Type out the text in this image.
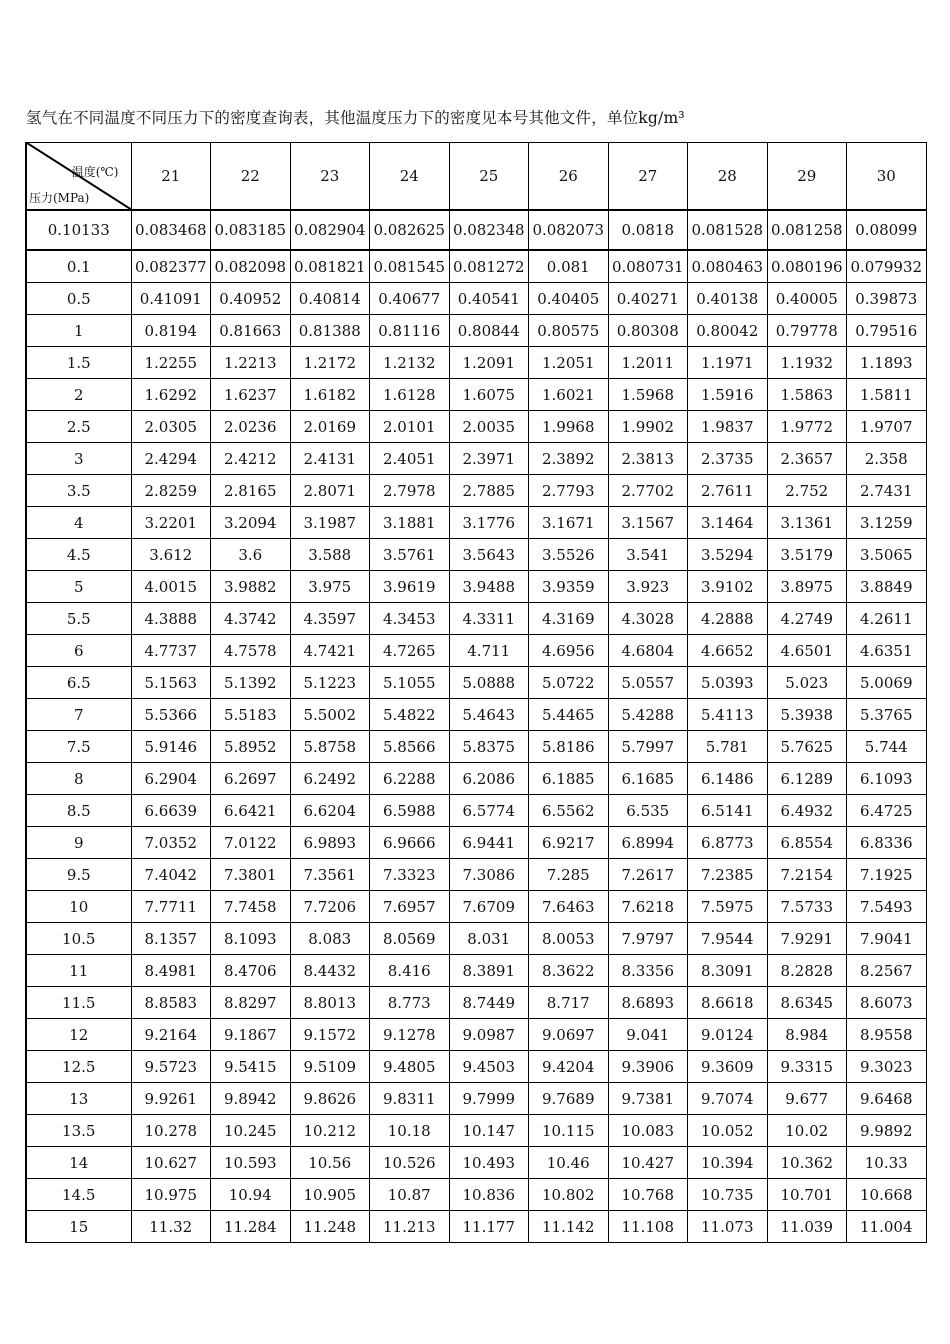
氢气在不同温度不同压力下的密度查询表，其他温度压力下的密度见本号其他文件，单位kg/m³
温度(℃)
压力(MPa)	21	22	23	24	25	26	27	28	29	30
0.10133	0.083468	0.083185	0.082904	0.082625	0.082348	0.082073	0.0818	0.081528	0.081258	0.08099
0.1	0.082377	0.082098	0.081821	0.081545	0.081272	0.081	0.080731	0.080463	0.080196	0.079932
0.5	0.41091	0.40952	0.40814	0.40677	0.40541	0.40405	0.40271	0.40138	0.40005	0.39873
1	0.8194	0.81663	0.81388	0.81116	0.80844	0.80575	0.80308	0.80042	0.79778	0.79516
1.5	1.2255	1.2213	1.2172	1.2132	1.2091	1.2051	1.2011	1.1971	1.1932	1.1893
2	1.6292	1.6237	1.6182	1.6128	1.6075	1.6021	1.5968	1.5916	1.5863	1.5811
2.5	2.0305	2.0236	2.0169	2.0101	2.0035	1.9968	1.9902	1.9837	1.9772	1.9707
3	2.4294	2.4212	2.4131	2.4051	2.3971	2.3892	2.3813	2.3735	2.3657	2.358
3.5	2.8259	2.8165	2.8071	2.7978	2.7885	2.7793	2.7702	2.7611	2.752	2.7431
4	3.2201	3.2094	3.1987	3.1881	3.1776	3.1671	3.1567	3.1464	3.1361	3.1259
4.5	3.612	3.6	3.588	3.5761	3.5643	3.5526	3.541	3.5294	3.5179	3.5065
5	4.0015	3.9882	3.975	3.9619	3.9488	3.9359	3.923	3.9102	3.8975	3.8849
5.5	4.3888	4.3742	4.3597	4.3453	4.3311	4.3169	4.3028	4.2888	4.2749	4.2611
6	4.7737	4.7578	4.7421	4.7265	4.711	4.6956	4.6804	4.6652	4.6501	4.6351
6.5	5.1563	5.1392	5.1223	5.1055	5.0888	5.0722	5.0557	5.0393	5.023	5.0069
7	5.5366	5.5183	5.5002	5.4822	5.4643	5.4465	5.4288	5.4113	5.3938	5.3765
7.5	5.9146	5.8952	5.8758	5.8566	5.8375	5.8186	5.7997	5.781	5.7625	5.744
8	6.2904	6.2697	6.2492	6.2288	6.2086	6.1885	6.1685	6.1486	6.1289	6.1093
8.5	6.6639	6.6421	6.6204	6.5988	6.5774	6.5562	6.535	6.5141	6.4932	6.4725
9	7.0352	7.0122	6.9893	6.9666	6.9441	6.9217	6.8994	6.8773	6.8554	6.8336
9.5	7.4042	7.3801	7.3561	7.3323	7.3086	7.285	7.2617	7.2385	7.2154	7.1925
10	7.7711	7.7458	7.7206	7.6957	7.6709	7.6463	7.6218	7.5975	7.5733	7.5493
10.5	8.1357	8.1093	8.083	8.0569	8.031	8.0053	7.9797	7.9544	7.9291	7.9041
11	8.4981	8.4706	8.4432	8.416	8.3891	8.3622	8.3356	8.3091	8.2828	8.2567
11.5	8.8583	8.8297	8.8013	8.773	8.7449	8.717	8.6893	8.6618	8.6345	8.6073
12	9.2164	9.1867	9.1572	9.1278	9.0987	9.0697	9.041	9.0124	8.984	8.9558
12.5	9.5723	9.5415	9.5109	9.4805	9.4503	9.4204	9.3906	9.3609	9.3315	9.3023
13	9.9261	9.8942	9.8626	9.8311	9.7999	9.7689	9.7381	9.7074	9.677	9.6468
13.5	10.278	10.245	10.212	10.18	10.147	10.115	10.083	10.052	10.02	9.9892
14	10.627	10.593	10.56	10.526	10.493	10.46	10.427	10.394	10.362	10.33
14.5	10.975	10.94	10.905	10.87	10.836	10.802	10.768	10.735	10.701	10.668
15	11.32	11.284	11.248	11.213	11.177	11.142	11.108	11.073	11.039	11.004
